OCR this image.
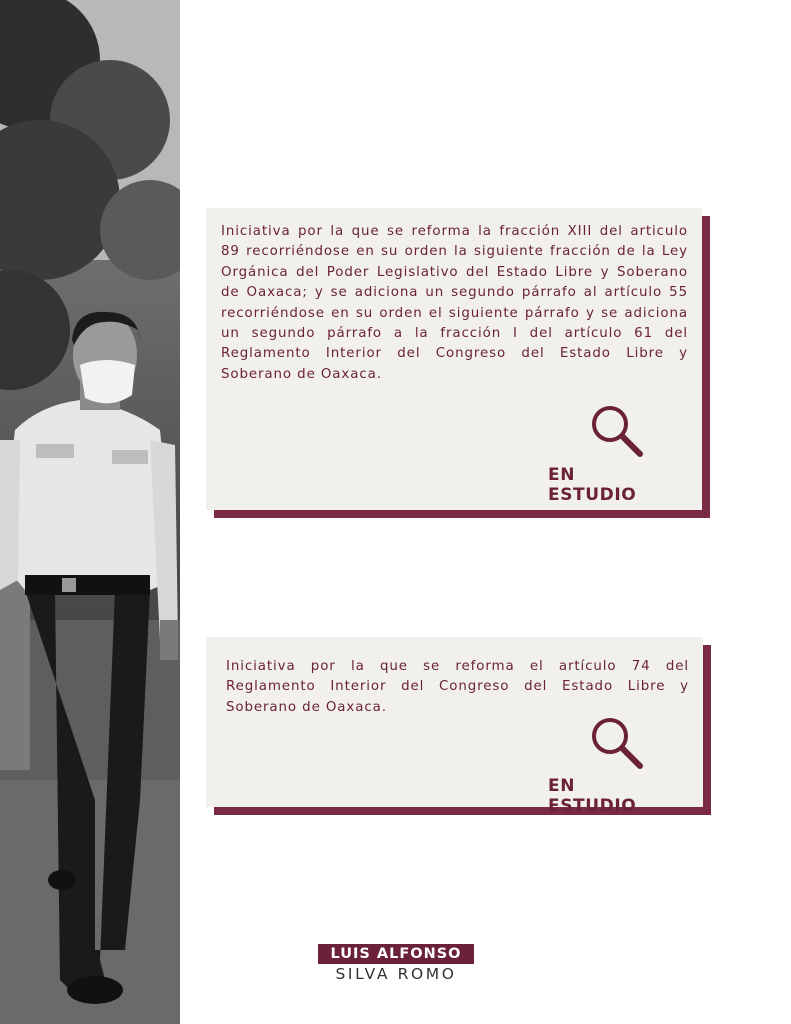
Iniciativa por la que se reforma la fracción XIII del articulo 89 recorriéndose en su orden la siguiente fracción de la Ley Orgánica del Poder Legislativo del Estado Libre y Soberano de Oaxaca; y se adiciona un segundo párrafo al artículo 55 recorriéndose en su orden el siguiente párrafo y se adiciona un segundo párrafo a la fracción I del artículo 61 del Reglamento Interior del Congreso del Estado Libre y Soberano de Oaxaca.

EN ESTUDIO

Iniciativa por la que se reforma el artículo 74 del Reglamento Interior del Congreso del Estado Libre y Soberano de Oaxaca.

EN ESTUDIO
LUIS ALFONSO
SILVA ROMO
